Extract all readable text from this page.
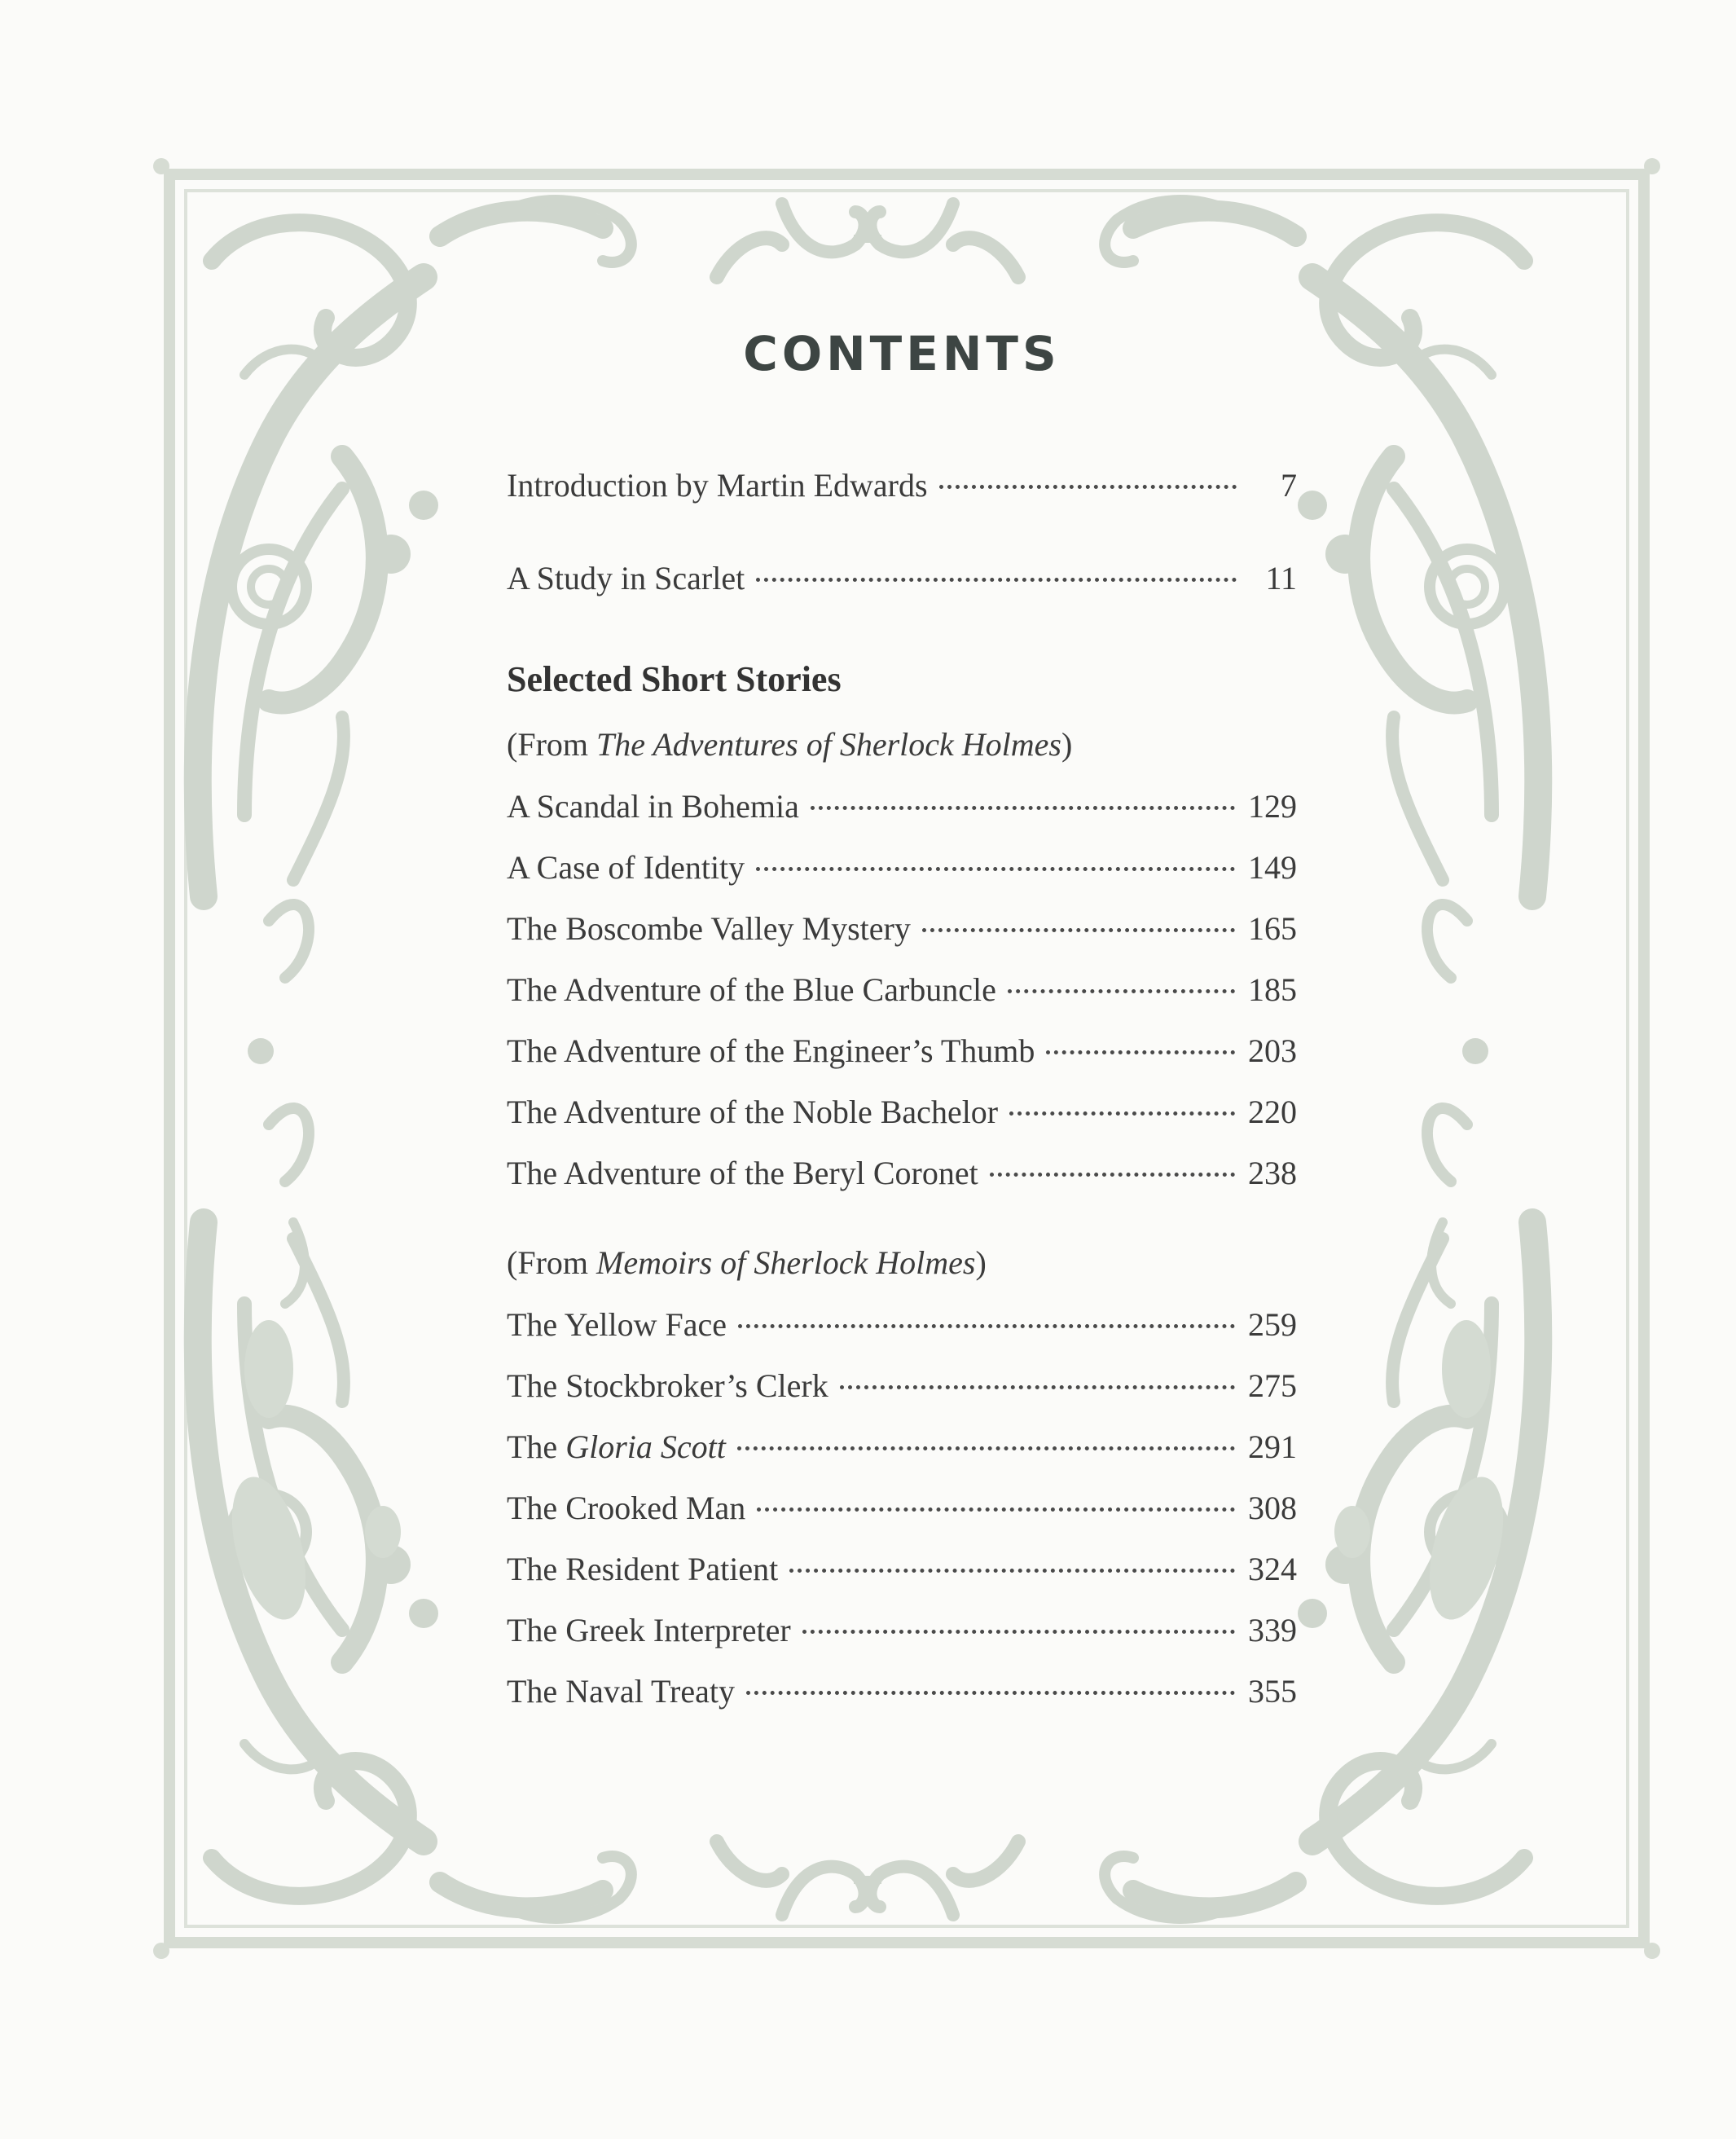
CONTENTS
Introduction by Martin Edwards	7
A Study in Scarlet	11
Selected Short Stories
(From The Adventures of Sherlock Holmes)
A Scandal in Bohemia	129
A Case of Identity	149
The Boscombe Valley Mystery	165
The Adventure of the Blue Carbuncle	185
The Adventure of the Engineer’s Thumb	203
The Adventure of the Noble Bachelor	220
The Adventure of the Beryl Coronet	238
(From Memoirs of Sherlock Holmes)
The Yellow Face	259
The Stockbroker’s Clerk	275
The Gloria Scott	291
The Crooked Man	308
The Resident Patient	324
The Greek Interpreter	339
The Naval Treaty	355
